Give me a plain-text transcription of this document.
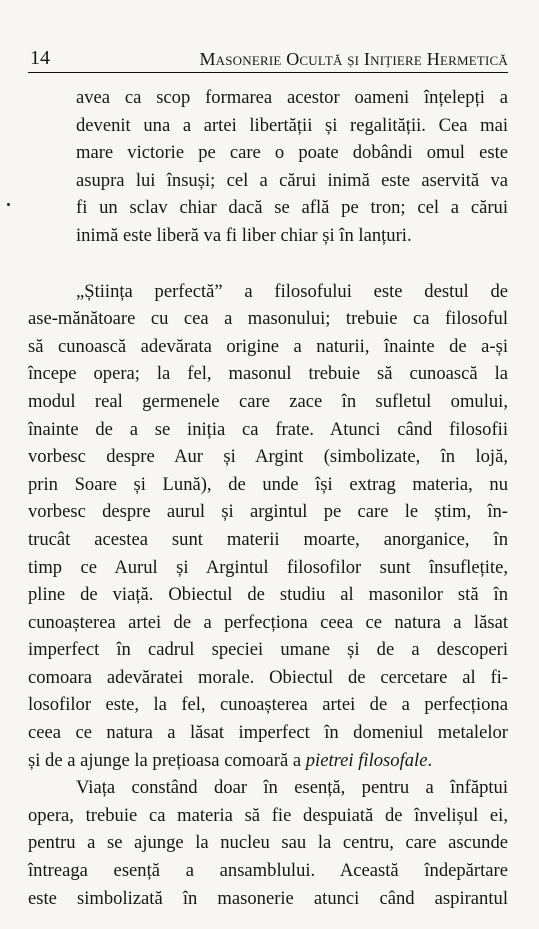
14	Masonerie Ocultă și Inițiere Hermetică
avea ca scop formarea acestor oameni înțelepți a
devenit una a artei libertății și regalității. Cea mai
mare victorie pe care o poate dobândi omul este
asupra lui însuși; cel a cărui inimă este aservită va
fi un sclav chiar dacă se află pe tron; cel a cărui
inimă este liberă va fi liber chiar și în lanțuri.
„Știința perfectă” a filosofului este destul de
ase-mănătoare cu cea a masonului; trebuie ca filosoful
să cunoască adevărata origine a naturii, înainte de a-și
începe opera; la fel, masonul trebuie să cunoască la
modul real germenele care zace în sufletul omului,
înainte de a se iniția ca frate. Atunci când filosofii
vorbesc despre Aur și Argint (simbolizate, în lojă,
prin Soare și Lună), de unde își extrag materia, nu
vorbesc despre aurul și argintul pe care le știm, în-
trucât acestea sunt materii moarte, anorganice, în
timp ce Aurul și Argintul filosofilor sunt însuflețite,
pline de viață. Obiectul de studiu al masonilor stă în
cunoașterea artei de a perfecționa ceea ce natura a lăsat
imperfect în cadrul speciei umane și de a descoperi
comoara adevăratei morale. Obiectul de cercetare al fi-
losofilor este, la fel, cunoașterea artei de a perfecționa
ceea ce natura a lăsat imperfect în domeniul metalelor
și de a ajunge la prețioasa comoară a pietrei filosofale.
Viața constând doar în esență, pentru a înfăptui
opera, trebuie ca materia să fie despuiată de învelișul ei,
pentru a se ajunge la nucleu sau la centru, care ascunde
întreaga esență a ansamblului. Această îndepărtare
este simbolizată în masonerie atunci când aspirantul
